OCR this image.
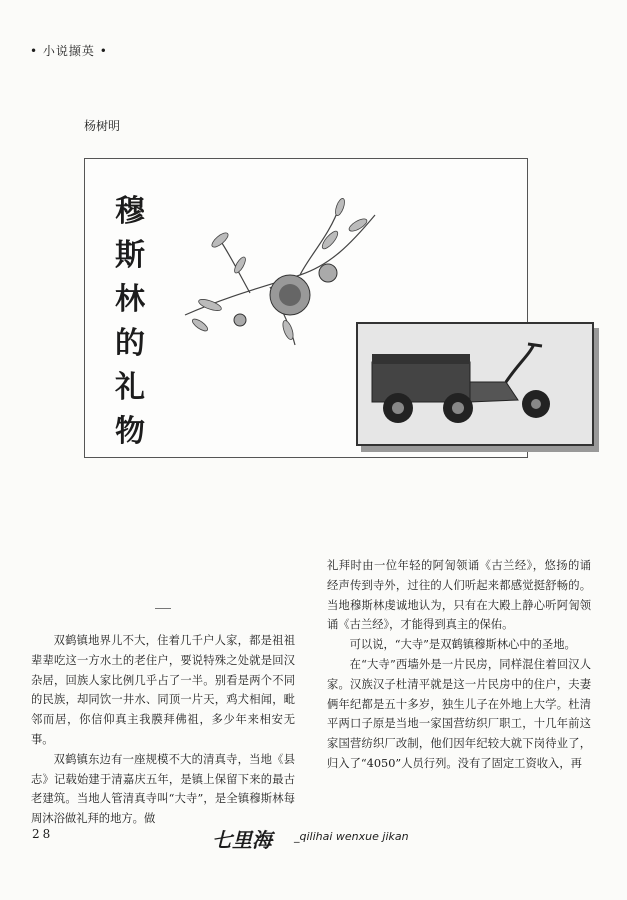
• 小说撷英 •
杨树明
穆
斯
林
的
礼
物

双鹤镇地界儿不大，住着几千户人家，都是祖祖辈辈吃这一方水土的老住户，要说特殊之处就是回汉杂居，回族人家比例几乎占了一半。别看是两个不同的民族，却同饮一井水、同顶一片天，鸡犬相闻，毗邻而居，你信仰真主我膜拜佛祖，多少年来相安无事。

双鹤镇东边有一座规模不大的清真寺，当地《县志》记载始建于清嘉庆五年，是镇上保留下来的最古老建筑。当地人管清真寺叫“大寺”，是全镇穆斯林每周沐浴做礼拜的地方。做

礼拜时由一位年轻的阿訇领诵《古兰经》，悠扬的诵经声传到寺外，过往的人们听起来都感觉挺舒畅的。当地穆斯林虔诚地认为，只有在大殿上静心听阿訇领诵《古兰经》，才能得到真主的保佑。

可以说，“大寺”是双鹤镇穆斯林心中的圣地。

在“大寺”西墙外是一片民房，同样混住着回汉人家。汉族汉子杜清平就是这一片民房中的住户，夫妻俩年纪都是五十多岁，独生儿子在外地上大学。杜清平两口子原是当地一家国营纺织厂职工，十几年前这家国营纺织厂改制，他们因年纪较大就下岗待业了，归入了“4050”人员行列。没有了固定工资收入，再

28	七里海 _qilihai wenxue jikan
